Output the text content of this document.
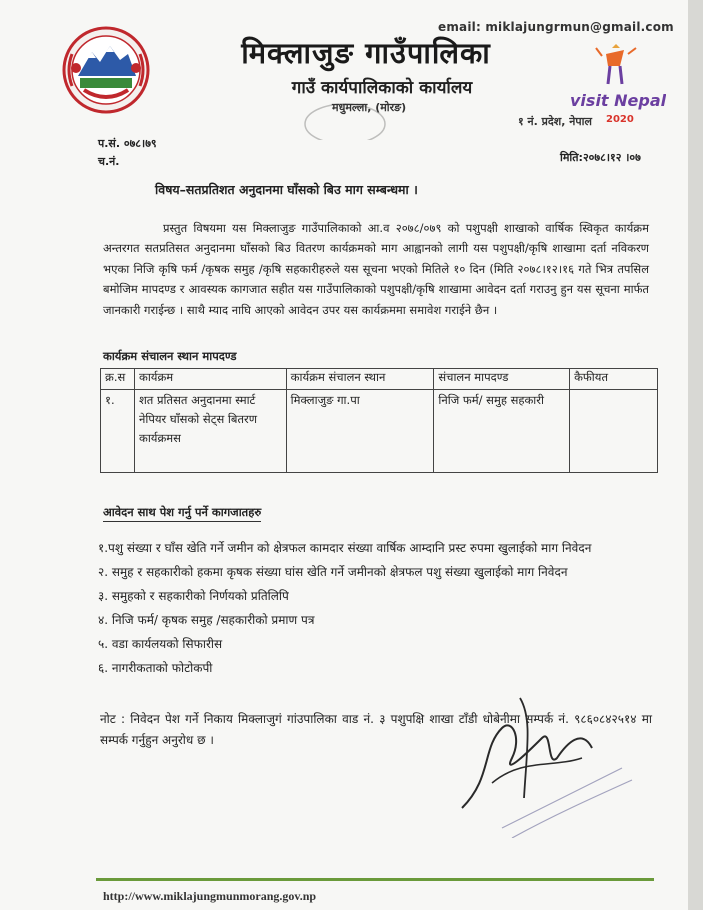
email: miklajungrmun@gmail.com
मिक्लाजुङ गाउँपालिका
गाउँ कार्यपालिकाको कार्यालय
मधुमल्ला, (मोरङ)	visit Nepal
2020
१ नं. प्रदेश, नेपाल
प.सं. ०७८।७९
च.नं.	मिति:२०७८।१२ ।०७
विषय–सतप्रतिशत अनुदानमा घाँसको बिउ माग सम्बन्धमा ।
प्रस्तुत विषयमा यस मिक्लाजुङ गाउँपालिकाको आ.व २०७८/०७९ को पशुपक्षी शाखाको वार्षिक स्विकृत कार्यक्रम अन्तरगत सतप्रतिसत अनुदानमा घाँसको बिउ वितरण कार्यक्रमको माग आह्वानको लागी यस पशुपक्षी/कृषि शाखामा दर्ता नविकरण भएका निजि कृषि फर्म /कृषक समुह /कृषि सहकारीहरुले यस सूचना भएको मितिले १० दिन (मिति २०७८।१२।१६ गते भित्र तपसिल बमोजिम मापदण्ड र आवस्यक कागजात सहीत यस गाउँपालिकाको पशुपक्षी/कृषि शाखामा आवेदन दर्ता गराउनु हुन यस सूचना मार्फत जानकारी गराईन्छ । साथै म्याद नाघि आएको आवेदन उपर यस कार्यक्रममा समावेश गराईने छैन ।
कार्यक्रम संचालन स्थान मापदण्ड
क्र.स	कार्यक्रम	कार्यक्रम संचालन स्थान	संचालन मापदण्ड	कैफीयत
१.	शत प्रतिसत अनुदानमा स्मार्ट नेपियर घाँसको सेट्स बितरण कार्यक्रमस	मिक्लाजुङ गा.पा	निजि फर्म/ समुह सहकारी	
आवेदन साथ पेश गर्नु पर्ने कागजातहरु
१.पशु संख्या र घाँस खेति गर्ने जमीन को क्षेत्रफल कामदार संख्या वार्षिक आम्दानि प्रस्ट रुपमा खुलाईको माग निवेदन
२. समुह र सहकारीको हकमा कृषक संख्या घांस खेति गर्ने जमीनको क्षेत्रफल पशु संख्या खुलाईको माग निवेदन
३. समुहको र सहकारीको निर्णयको प्रतिलिपि
४. निजि फर्म/ कृषक समुह /सहकारीको प्रमाण पत्र
५. वडा कार्यलयको सिफारीस
६. नागरीकताको फोटोकपी
नोट : निवेदन पेश गर्ने निकाय मिक्लाजुगं गांउपालिका वाड नं. ३ पशुपक्षि शाखा टाँडी धोबेनीमा सम्पर्क नं. ९८६०८४२५१४ मा सम्पर्क गर्नुहुन अनुरोध छ ।
http://www.miklajungmunmorang.gov.np
